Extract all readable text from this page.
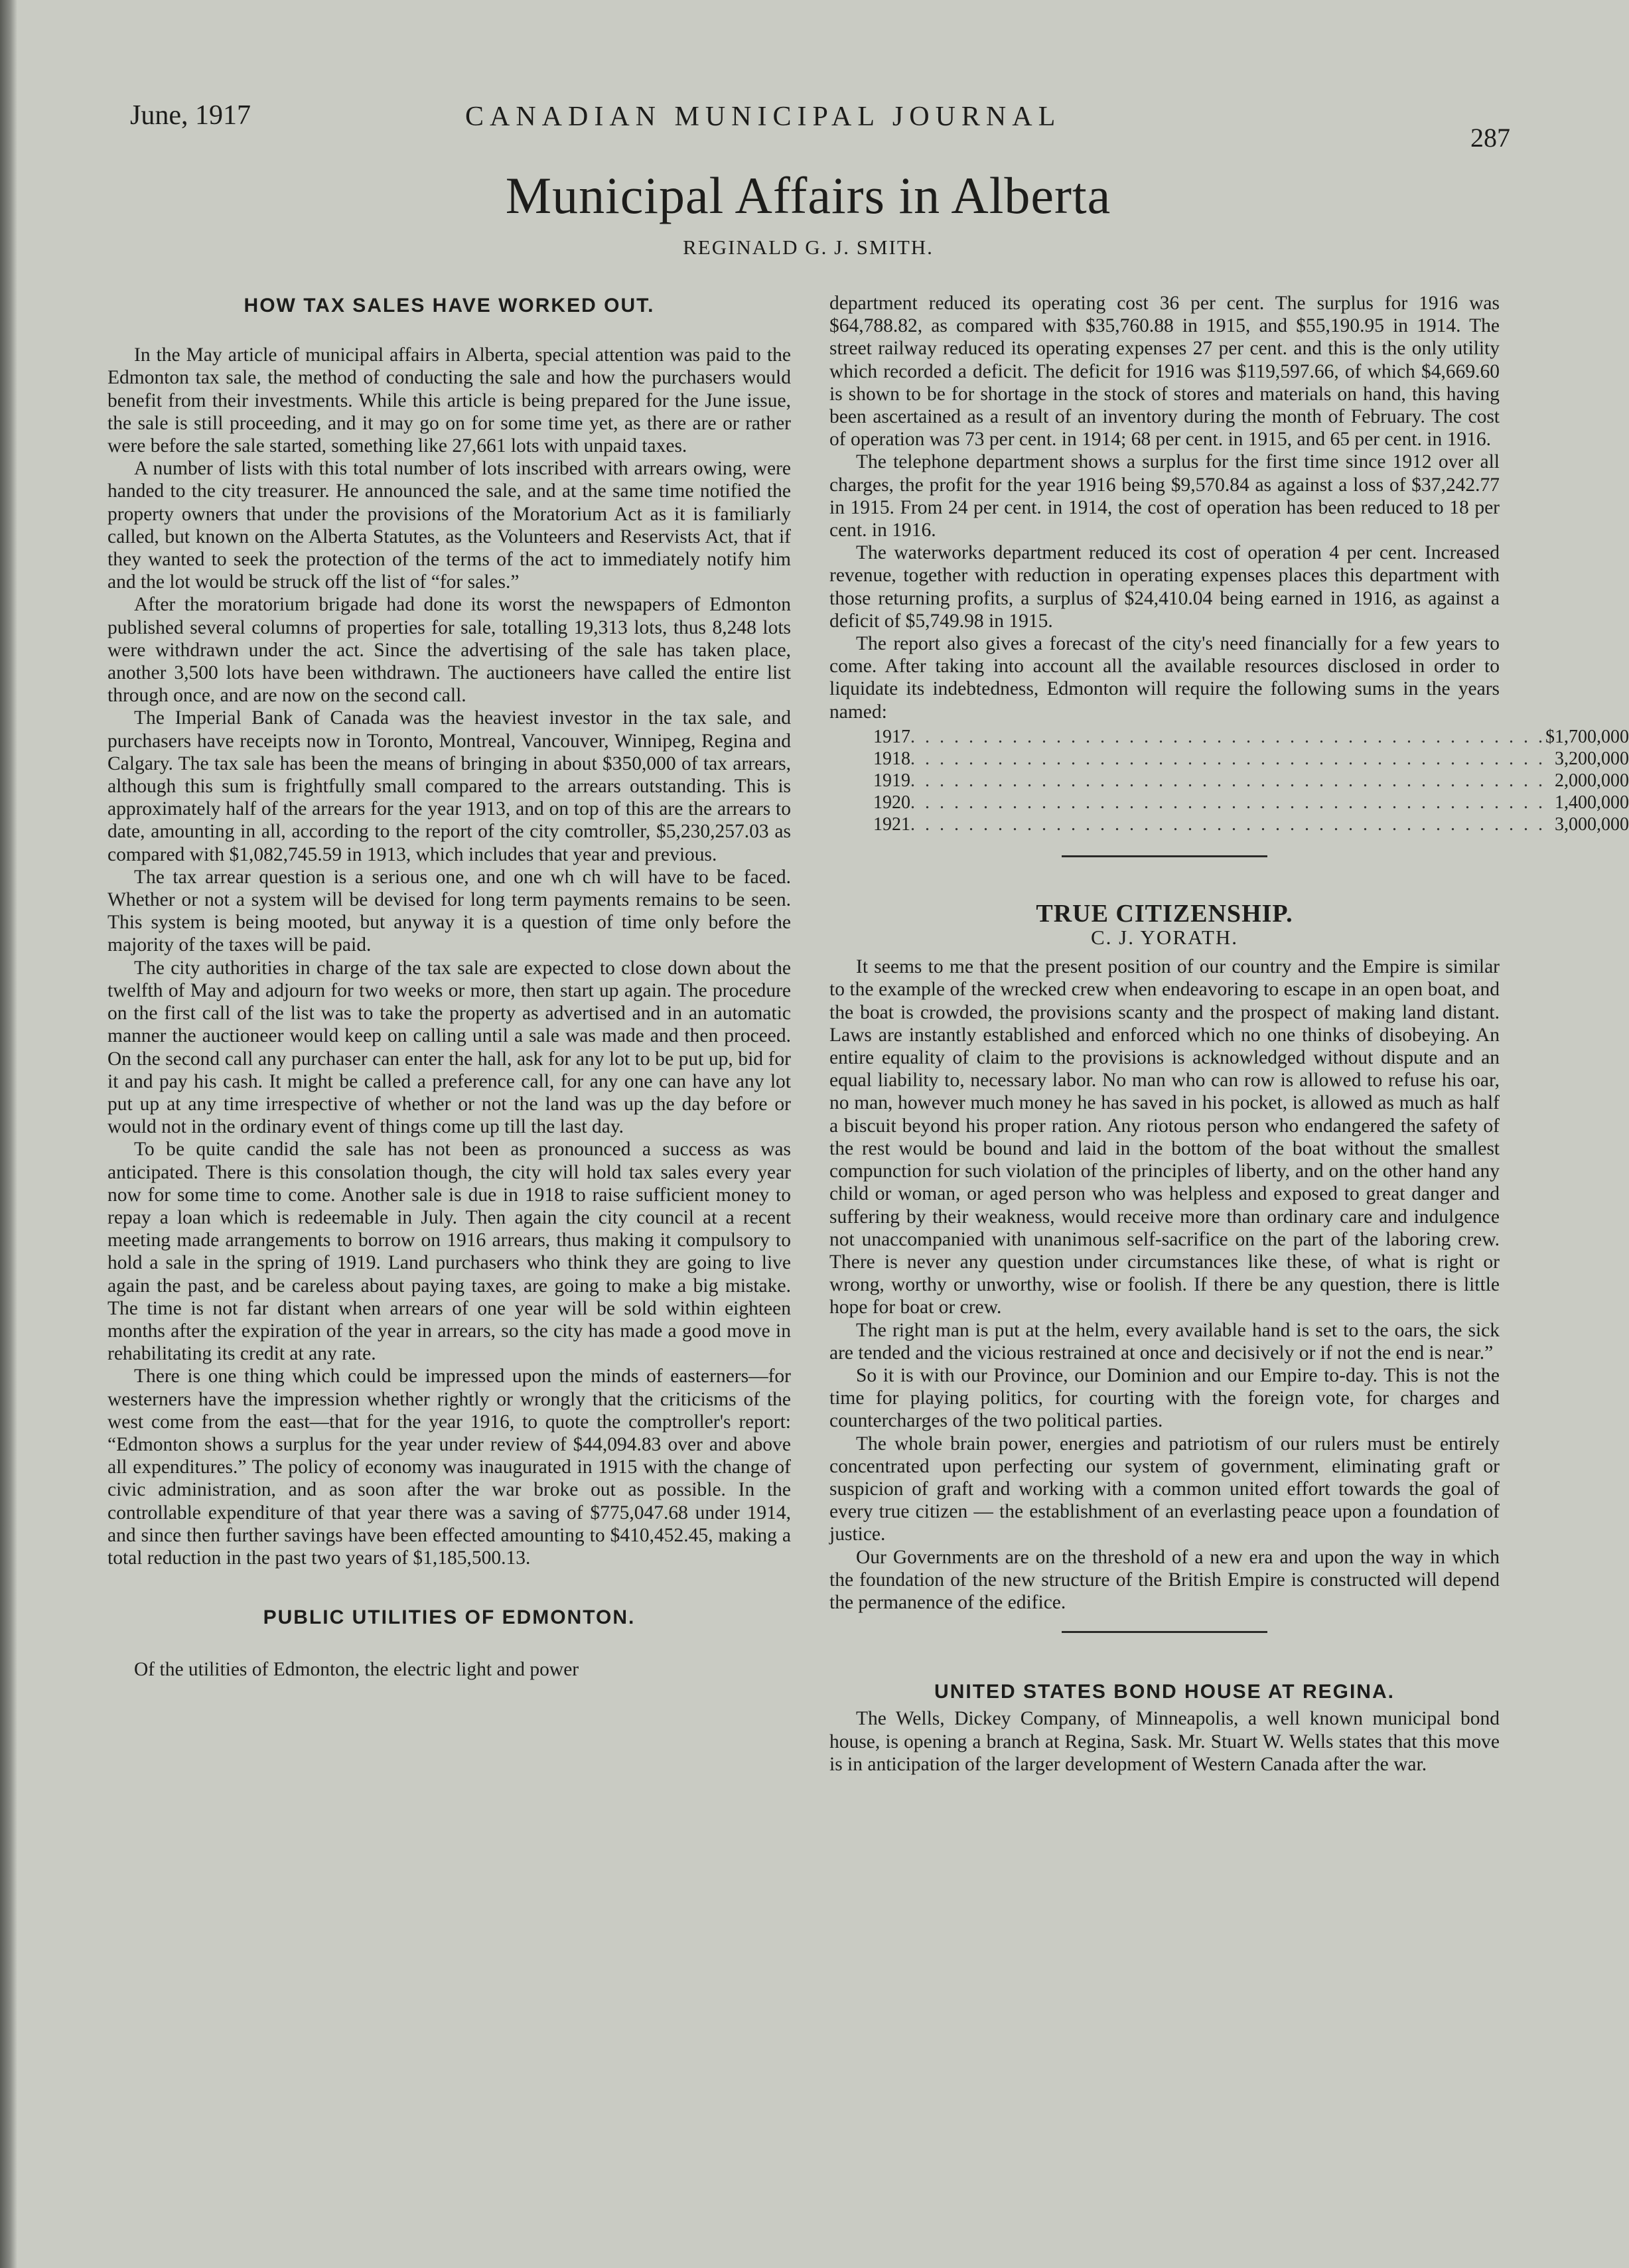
June, 1917	CANADIAN MUNICIPAL JOURNAL
287
Municipal Affairs in Alberta
REGINALD G. J. SMITH.
HOW TAX SALES HAVE WORKED OUT.

In the May article of municipal affairs in Alberta, special attention was paid to the Edmonton tax sale, the method of conducting the sale and how the purchasers would benefit from their investments. While this article is being prepared for the June issue, the sale is still proceeding, and it may go on for some time yet, as there are or rather were before the sale started, something like 27,661 lots with unpaid taxes.

A number of lists with this total number of lots inscribed with arrears owing, were handed to the city treasurer. He announced the sale, and at the same time notified the property owners that under the provisions of the Moratorium Act as it is familiarly called, but known on the Alberta Statutes, as the Volunteers and Reservists Act, that if they wanted to seek the protection of the terms of the act to immediately notify him and the lot would be struck off the list of “for sales.”

After the moratorium brigade had done its worst the newspapers of Edmonton published several columns of properties for sale, totalling 19,313 lots, thus 8,248 lots were withdrawn under the act. Since the advertising of the sale has taken place, another 3,500 lots have been withdrawn. The auctioneers have called the entire list through once, and are now on the second call.

The Imperial Bank of Canada was the heaviest investor in the tax sale, and purchasers have receipts now in Toronto, Montreal, Vancouver, Winnipeg, Regina and Calgary. The tax sale has been the means of bringing in about $350,000 of tax arrears, although this sum is frightfully small compared to the arrears outstanding. This is approximately half of the arrears for the year 1913, and on top of this are the arrears to date, amounting in all, according to the report of the city comtroller, $5,230,257.03 as compared with $1,082,745.59 in 1913, which includes that year and previous.

The tax arrear question is a serious one, and one wh ch will have to be faced. Whether or not a system will be devised for long term payments remains to be seen. This system is being mooted, but anyway it is a question of time only before the majority of the taxes will be paid.

The city authorities in charge of the tax sale are expected to close down about the twelfth of May and adjourn for two weeks or more, then start up again. The procedure on the first call of the list was to take the property as advertised and in an automatic manner the auctioneer would keep on calling until a sale was made and then proceed. On the second call any purchaser can enter the hall, ask for any lot to be put up, bid for it and pay his cash. It might be called a preference call, for any one can have any lot put up at any time irrespective of whether or not the land was up the day before or would not in the ordinary event of things come up till the last day.

To be quite candid the sale has not been as pronounced a success as was anticipated. There is this consolation though, the city will hold tax sales every year now for some time to come. Another sale is due in 1918 to raise sufficient money to repay a loan which is redeemable in July. Then again the city council at a recent meeting made arrangements to borrow on 1916 arrears, thus making it compulsory to hold a sale in the spring of 1919. Land purchasers who think they are going to live again the past, and be careless about paying taxes, are going to make a big mistake. The time is not far distant when arrears of one year will be sold within eighteen months after the expiration of the year in arrears, so the city has made a good move in rehabilitating its credit at any rate.

There is one thing which could be impressed upon the minds of easterners—for westerners have the impression whether rightly or wrongly that the criticisms of the west come from the east—that for the year 1916, to quote the comptroller's report: “Edmonton shows a surplus for the year under review of $44,094.83 over and above all expenditures.” The policy of economy was inaugurated in 1915 with the change of civic administration, and as soon after the war broke out as possible. In the controllable expenditure of that year there was a saving of $775,047.68 under 1914, and since then further savings have been effected amounting to $410,452.45, making a total reduction in the past two years of $1,185,500.13.

PUBLIC UTILITIES OF EDMONTON.

Of the utilities of Edmonton, the electric light and power

department reduced its operating cost 36 per cent. The surplus for 1916 was $64,788.82, as compared with $35,760.88 in 1915, and $55,190.95 in 1914. The street railway reduced its operating expenses 27 per cent. and this is the only utility which recorded a deficit. The deficit for 1916 was $119,597.66, of which $4,669.60 is shown to be for shortage in the stock of stores and materials on hand, this having been ascertained as a result of an inventory during the month of February. The cost of operation was 73 per cent. in 1914; 68 per cent. in 1915, and 65 per cent. in 1916.

The telephone department shows a surplus for the first time since 1912 over all charges, the profit for the year 1916 being $9,570.84 as against a loss of $37,242.77 in 1915. From 24 per cent. in 1914, the cost of operation has been reduced to 18 per cent. in 1916.

The waterworks department reduced its cost of operation 4 per cent. Increased revenue, together with reduction in operating expenses places this department with those returning profits, a surplus of $24,410.04 being earned in 1916, as against a deficit of $5,749.98 in 1915.

The report also gives a forecast of the city's need financially for a few years to come. After taking into account all the available resources disclosed in order to liquidate its indebtedness, Edmonton will require the following sums in the years named:

1917	. . . . . . . . . . . . . . . . . . . . . . . . . . . . . . . . . . . . . . . . . . . .	$1,700,000
1918	. . . . . . . . . . . . . . . . . . . . . . . . . . . . . . . . . . . . . . . . . . . .	3,200,000
1919	. . . . . . . . . . . . . . . . . . . . . . . . . . . . . . . . . . . . . . . . . . . .	2,000,000
1920	. . . . . . . . . . . . . . . . . . . . . . . . . . . . . . . . . . . . . . . . . . . .	1,400,000
1921	. . . . . . . . . . . . . . . . . . . . . . . . . . . . . . . . . . . . . . . . . . . .	3,000,000
TRUE CITIZENSHIP.
C. J. YORATH.

It seems to me that the present position of our country and the Empire is similar to the example of the wrecked crew when endeavoring to escape in an open boat, and the boat is crowded, the provisions scanty and the prospect of making land distant. Laws are instantly established and enforced which no one thinks of disobeying. An entire equality of claim to the provisions is acknowledged without dispute and an equal liability to, necessary labor. No man who can row is allowed to refuse his oar, no man, however much money he has saved in his pocket, is allowed as much as half a biscuit beyond his proper ration. Any riotous person who endangered the safety of the rest would be bound and laid in the bottom of the boat without the smallest compunction for such violation of the principles of liberty, and on the other hand any child or woman, or aged person who was helpless and exposed to great danger and suffering by their weakness, would receive more than ordinary care and indulgence not unaccompanied with unanimous self-sacrifice on the part of the laboring crew. There is never any question under circumstances like these, of what is right or wrong, worthy or unworthy, wise or foolish. If there be any question, there is little hope for boat or crew.

The right man is put at the helm, every available hand is set to the oars, the sick are tended and the vicious restrained at once and decisively or if not the end is near.”

So it is with our Province, our Dominion and our Empire to-day. This is not the time for playing politics, for courting with the foreign vote, for charges and countercharges of the two political parties.

The whole brain power, energies and patriotism of our rulers must be entirely concentrated upon perfecting our system of government, eliminating graft or suspicion of graft and working with a common united effort towards the goal of every true citizen — the establishment of an everlasting peace upon a foundation of justice.

Our Governments are on the threshold of a new era and upon the way in which the foundation of the new structure of the British Empire is constructed will depend the permanence of the edifice.

UNITED STATES BOND HOUSE AT REGINA.

The Wells, Dickey Company, of Minneapolis, a well known municipal bond house, is opening a branch at Regina, Sask. Mr. Stuart W. Wells states that this move is in anticipation of the larger development of Western Canada after the war.
